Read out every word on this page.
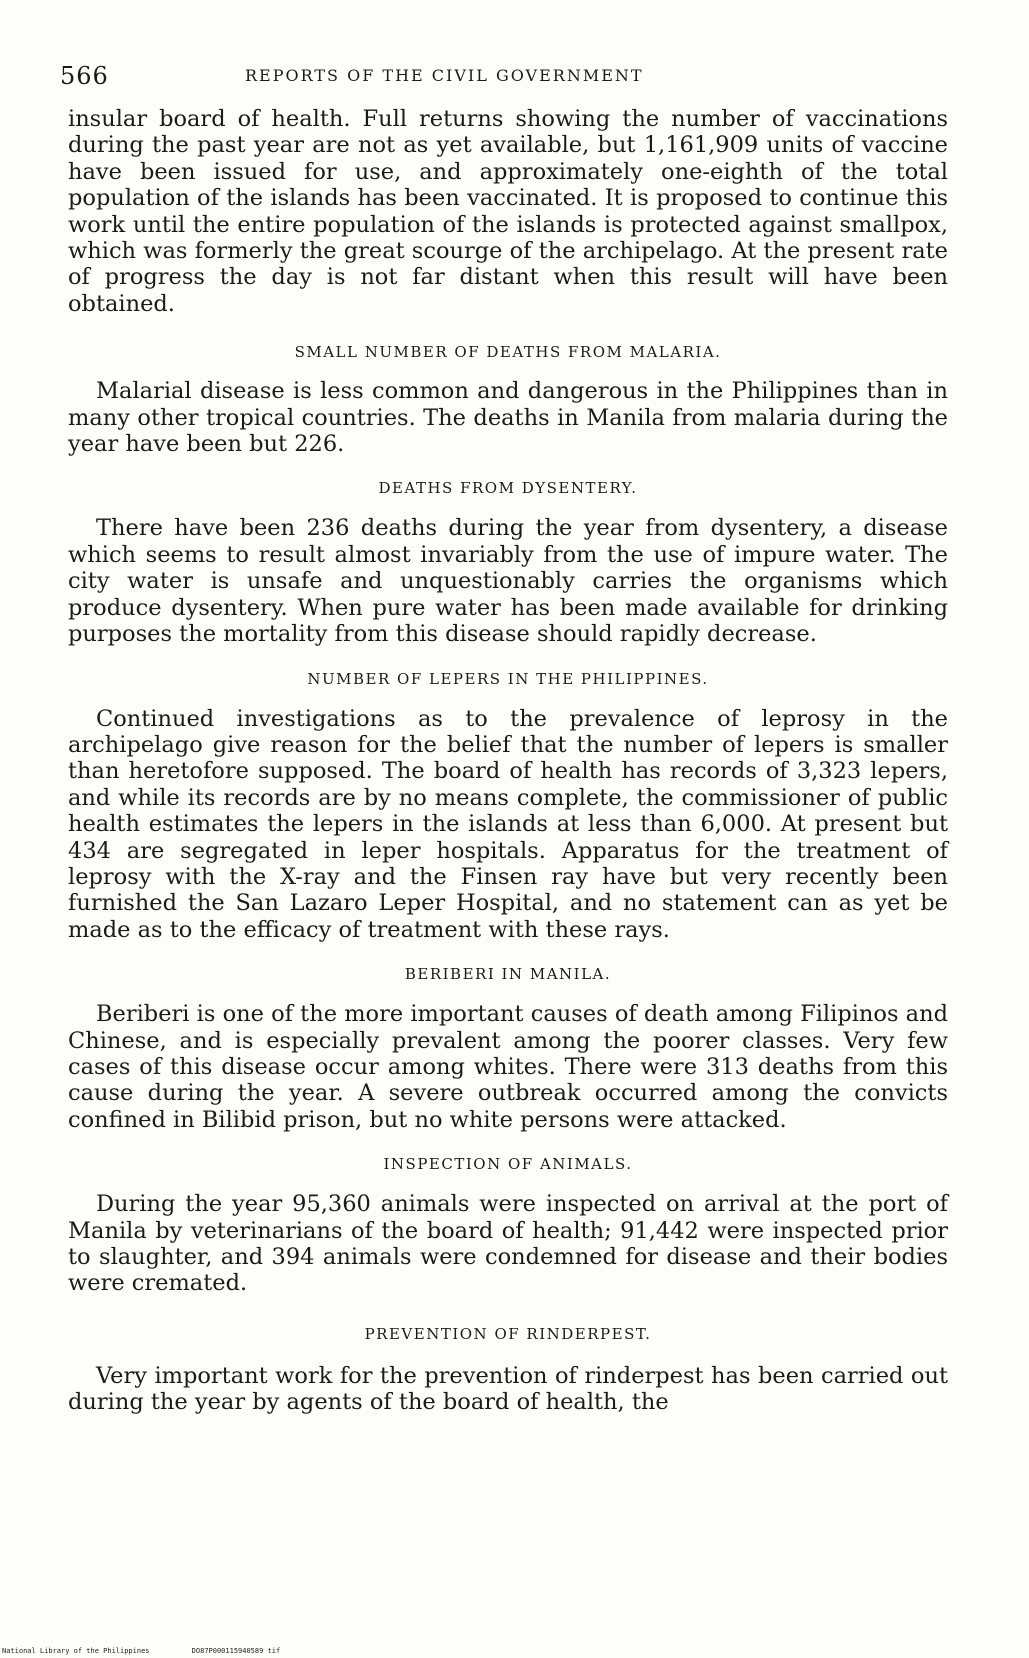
566	REPORTS OF THE CIVIL GOVERNMENT

insular board of health. Full returns showing the number of vaccinations during the past year are not as yet available, but 1,161,909 units of vaccine have been issued for use, and approximately one-eighth of the total population of the islands has been vaccinated. It is proposed to continue this work until the entire population of the islands is protected against smallpox, which was formerly the great scourge of the archipelago. At the present rate of progress the day is not far distant when this result will have been obtained.

SMALL NUMBER OF DEATHS FROM MALARIA.

Malarial disease is less common and dangerous in the Philippines than in many other tropical countries. The deaths in Manila from malaria during the year have been but 226.

DEATHS FROM DYSENTERY.

There have been 236 deaths during the year from dysentery, a disease which seems to result almost invariably from the use of impure water. The city water is unsafe and unquestionably carries the organisms which produce dysentery. When pure water has been made available for drinking purposes the mortality from this disease should rapidly decrease.

NUMBER OF LEPERS IN THE PHILIPPINES.

Continued investigations as to the prevalence of leprosy in the archipelago give reason for the belief that the number of lepers is smaller than heretofore supposed. The board of health has records of 3,323 lepers, and while its records are by no means complete, the commissioner of public health estimates the lepers in the islands at less than 6,000. At present but 434 are segregated in leper hospitals. Apparatus for the treatment of leprosy with the X-ray and the Finsen ray have but very recently been furnished the San Lazaro Leper Hospital, and no statement can as yet be made as to the efficacy of treatment with these rays.

BERIBERI IN MANILA.

Beriberi is one of the more important causes of death among Filipinos and Chinese, and is especially prevalent among the poorer classes. Very few cases of this disease occur among whites. There were 313 deaths from this cause during the year. A severe outbreak occurred among the convicts confined in Bilibid prison, but no white persons were attacked.

INSPECTION OF ANIMALS.

During the year 95,360 animals were inspected on arrival at the port of Manila by veterinarians of the board of health; 91,442 were inspected prior to slaughter, and 394 animals were condemned for disease and their bodies were cremated.

PREVENTION OF RINDERPEST.

Very important work for the prevention of rinderpest has been carried out during the year by agents of the board of health, the

National Library of the Philippines	DO87P000115940589 tif
